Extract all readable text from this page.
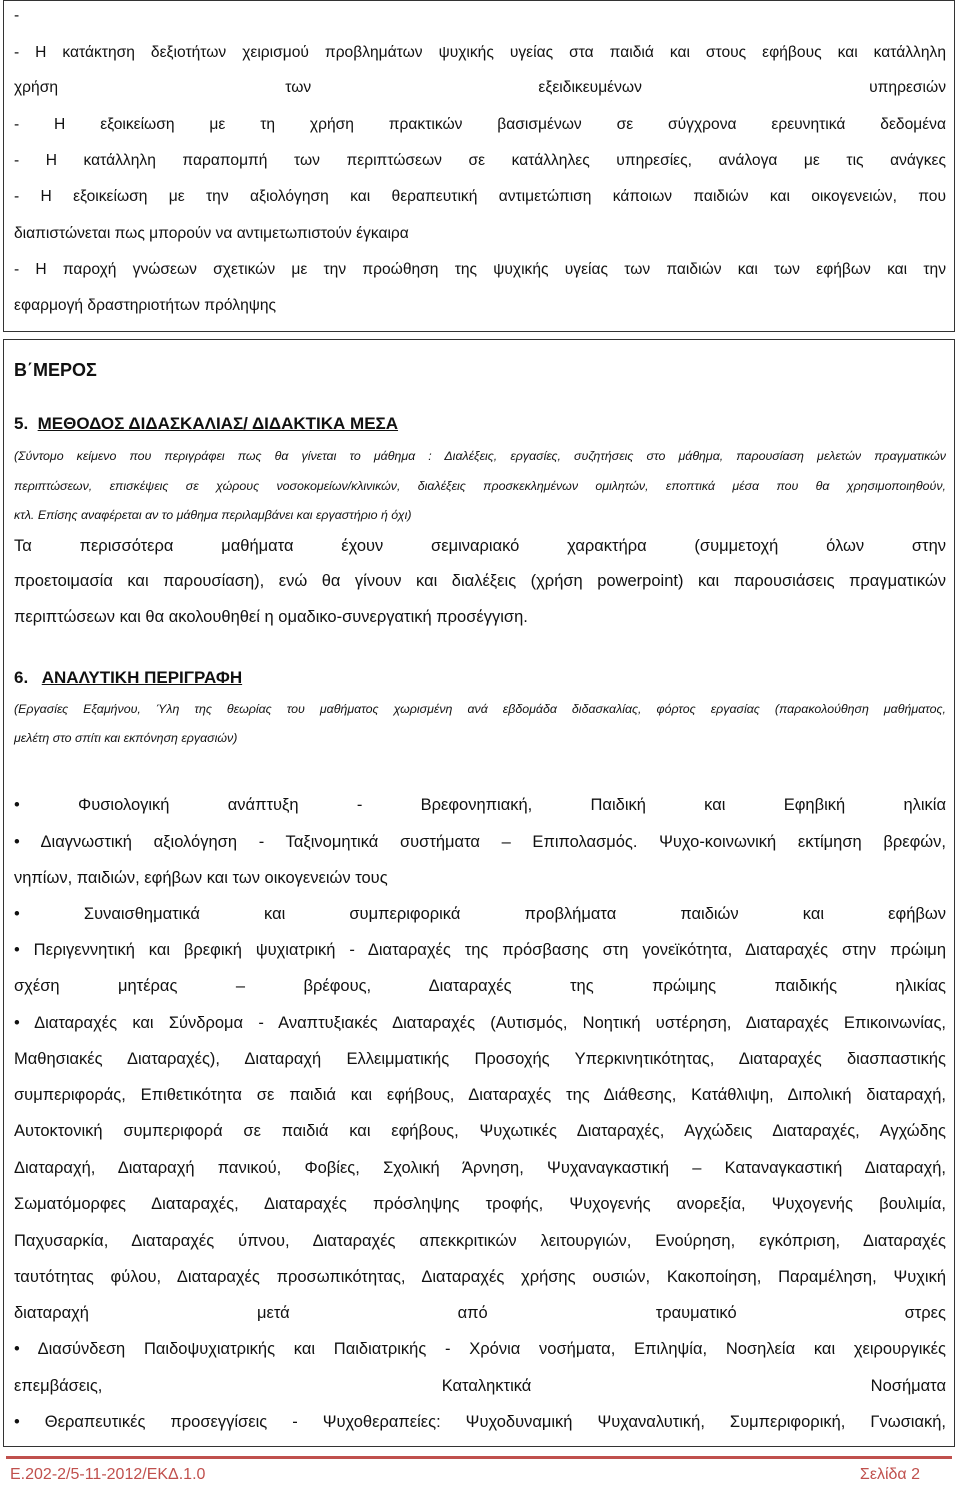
-
- Η κατάκτηση δεξιοτήτων χειρισμού προβλημάτων ψυχικής υγείας στα παιδιά και στους εφήβους και κατάλληλη
χρήση των εξειδικευμένων υπηρεσιών
- Η εξοικείωση με τη χρήση πρακτικών βασισμένων σε σύγχρονα ερευνητικά δεδομένα
- Η κατάλληλη παραπομπή των περιπτώσεων σε κατάλληλες υπηρεσίες, ανάλογα με τις ανάγκες
- Η εξοικείωση με την αξιολόγηση και θεραπευτική αντιμετώπιση κάποιων παιδιών και οικογενειών, που
διαπιστώνεται πως μπορούν να αντιμετωπιστούν έγκαιρα
- Η παροχή γνώσεων σχετικών με την προώθηση της ψυχικής υγείας των παιδιών και των εφήβων και την
εφαρμογή δραστηριοτήτων πρόληψης
Β΄ΜΕΡΟΣ
5. ΜΕΘΟΔΟΣ ΔΙΔΑΣΚΑΛΙΑΣ/ ΔΙΔΑΚΤΙΚΑ ΜΕΣΑ
(Σύντομο κείμενο που περιγράφει πως θα γίνεται το μάθημα : Διαλέξεις, εργασίες, συζητήσεις στο μάθημα, παρουσίαση μελετών πραγματικών
περιπτώσεων, επισκέψεις σε χώρους νοσοκομείων/κλινικών, διαλέξεις προσκεκλημένων ομιλητών, εποπτικά μέσα που θα χρησιμοποιηθούν,
κτλ. Επίσης αναφέρεται αν το μάθημα περιλαμβάνει και εργαστήριο ή όχι)
Τα περισσότερα μαθήματα έχουν σεμιναριακό χαρακτήρα (συμμετοχή όλων στην
προετοιμασία και παρουσίαση), ενώ θα γίνουν και διαλέξεις (χρήση powerpoint) και παρουσιάσεις πραγματικών
περιπτώσεων και θα ακολουθηθεί η ομαδικο-συνεργατική προσέγγιση.
6. ΑΝΑΛΥΤΙΚΗ ΠΕΡΙΓΡΑΦΗ
(Εργασίες Εξαμήνου, Ύλη της θεωρίας του μαθήματος χωρισμένη ανά εβδομάδα διδασκαλίας, φόρτος εργασίας (παρακολούθηση μαθήματος,
μελέτη στο σπίτι και εκπόνηση εργασιών)
• Φυσιολογική ανάπτυξη - Βρεφονηπιακή, Παιδική και Εφηβική ηλικία
• Διαγνωστική αξιολόγηση - Ταξινομητικά συστήματα – Επιπολασμός. Ψυχο-κοινωνική εκτίμηση βρεφών,
νηπίων, παιδιών, εφήβων και των οικογενειών τους
• Συναισθηματικά και συμπεριφορικά προβλήματα παιδιών και εφήβων
• Περιγεννητική και βρεφική ψυχιατρική - Διαταραχές της πρόσβασης στη γονεϊκότητα, Διαταραχές στην πρώιμη
σχέση μητέρας – βρέφους, Διαταραχές της πρώιμης παιδικής ηλικίας
• Διαταραχές και Σύνδρομα - Αναπτυξιακές Διαταραχές (Αυτισμός, Νοητική υστέρηση, Διαταραχές Επικοινωνίας,
Μαθησιακές Διαταραχές), Διαταραχή Ελλειμματικής Προσοχής Υπερκινητικότητας, Διαταραχές διασπαστικής
συμπεριφοράς, Επιθετικότητα σε παιδιά και εφήβους, Διαταραχές της Διάθεσης, Κατάθλιψη, Διπολική διαταραχή,
Αυτοκτονική συμπεριφορά σε παιδιά και εφήβους, Ψυχωτικές Διαταραχές, Αγχώδεις Διαταραχές, Αγχώδης
Διαταραχή, Διαταραχή πανικού, Φοβίες, Σχολική Άρνηση, Ψυχαναγκαστική – Καταναγκαστική Διαταραχή,
Σωματόμορφες Διαταραχές, Διαταραχές πρόσληψης τροφής, Ψυχογενής ανορεξία, Ψυχογενής βουλιμία,
Παχυσαρκία, Διαταραχές ύπνου, Διαταραχές απεκκριτικών λειτουργιών, Ενούρηση, εγκόπριση, Διαταραχές
ταυτότητας φύλου, Διαταραχές προσωπικότητας, Διαταραχές χρήσης ουσιών, Κακοποίηση, Παραμέληση, Ψυχική
διαταραχή μετά από τραυματικό στρες
• Διασύνδεση Παιδοψυχιατρικής και Παιδιατρικής - Χρόνια νοσήματα, Επιληψία, Νοσηλεία και χειρουργικές
επεμβάσεις, Καταληκτικά Νοσήματα
• Θεραπευτικές προσεγγίσεις - Ψυχοθεραπείες: Ψυχοδυναμική Ψυχαναλυτική, Συμπεριφορική, Γνωσιακή,
Ε.202-2/5-11-2012/ΕΚΔ.1.0	Σελίδα 2
